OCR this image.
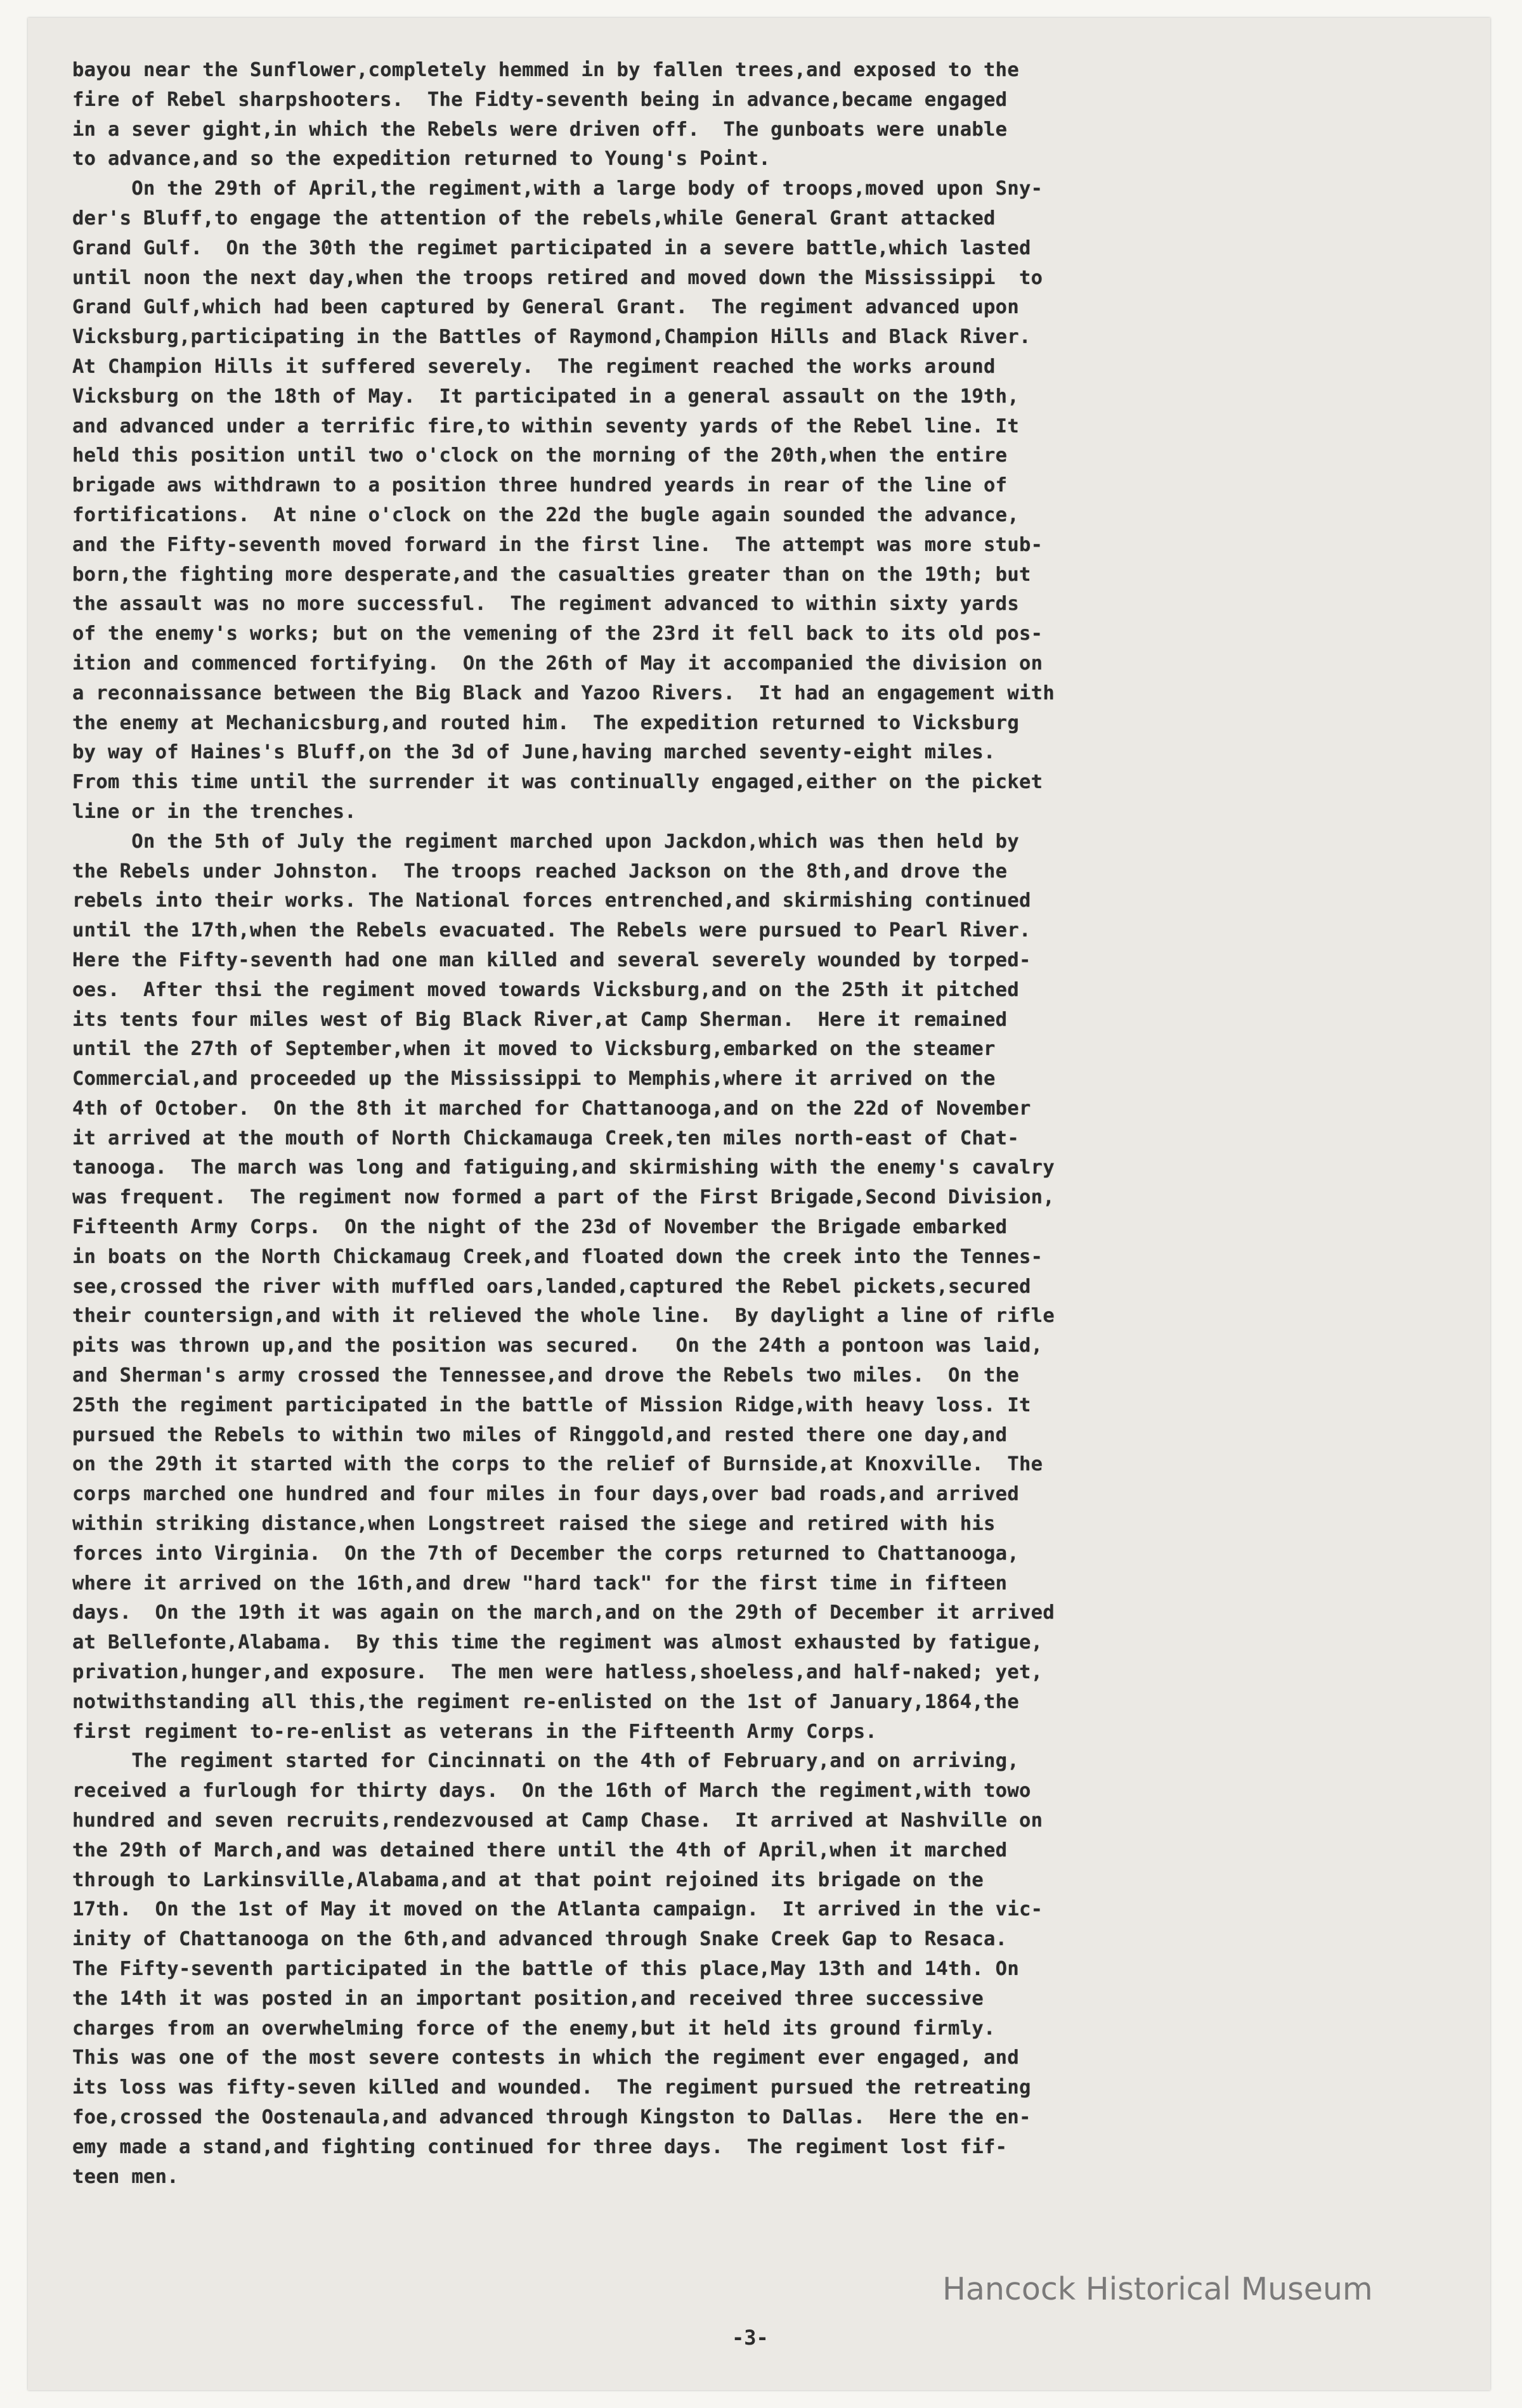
bayou near the Sunflower,completely hemmed in by fallen trees,and exposed to the
fire of Rebel sharpshooters.  The Fidty-seventh being in advance,became engaged
in a sever gight,in which the Rebels were driven off.  The gunboats were unable
to advance,and so the expedition returned to Young's Point.
On the 29th of April,the regiment,with a large body of troops,moved upon Sny-
der's Bluff,to engage the attention of the rebels,while General Grant attacked
Grand Gulf.  On the 30th the regimet participated in a severe battle,which lasted
until noon the next day,when the troops retired and moved down the Mississippi  to
Grand Gulf,which had been captured by General Grant.  The regiment advanced upon
Vicksburg,participating in the Battles of Raymond,Champion Hills and Black River.
At Champion Hills it suffered severely.  The regiment reached the works around
Vicksburg on the 18th of May.  It participated in a general assault on the 19th,
and advanced under a terrific fire,to within seventy yards of the Rebel line. It
held this position until two o'clock on the morning of the 20th,when the entire
brigade aws withdrawn to a position three hundred yeards in rear of the line of
fortifications.  At nine o'clock on the 22d the bugle again sounded the advance,
and the Fifty-seventh moved forward in the first line.  The attempt was more stub-
born,the fighting more desperate,and the casualties greater than on the 19th; but
the assault was no more successful.  The regiment advanced to within sixty yards
of the enemy's works; but on the vemening of the 23rd it fell back to its old pos-
ition and commenced fortifying.  On the 26th of May it accompanied the division on
a reconnaissance between the Big Black and Yazoo Rivers.  It had an engagement with
the enemy at Mechanicsburg,and routed him.  The expedition returned to Vicksburg
by way of Haines's Bluff,on the 3d of June,having marched seventy-eight miles.
From this time until the surrender it was continually engaged,either on the picket
line or in the trenches.
On the 5th of July the regiment marched upon Jackdon,which was then held by
the Rebels under Johnston.  The troops reached Jackson on the 8th,and drove the
rebels into their works. The National forces entrenched,and skirmishing continued
until the 17th,when the Rebels evacuated. The Rebels were pursued to Pearl River.
Here the Fifty-seventh had one man killed and several severely wounded by torped-
oes.  After thsi the regiment moved towards Vicksburg,and on the 25th it pitched
its tents four miles west of Big Black River,at Camp Sherman.  Here it remained
until the 27th of September,when it moved to Vicksburg,embarked on the steamer
Commercial,and proceeded up the Mississippi to Memphis,where it arrived on the
4th of October.  On the 8th it marched for Chattanooga,and on the 22d of November
it arrived at the mouth of North Chickamauga Creek,ten miles north-east of Chat-
tanooga.  The march was long and fatiguing,and skirmishing with the enemy's cavalry
was frequent.  The regiment now formed a part of the First Brigade,Second Division,
Fifteenth Army Corps.  On the night of the 23d of November the Brigade embarked
in boats on the North Chickamaug Creek,and floated down the creek into the Tennes-
see,crossed the river with muffled oars,landed,captured the Rebel pickets,secured
their countersign,and with it relieved the whole line.  By daylight a line of rifle
pits was thrown up,and the position was secured.   On the 24th a pontoon was laid,
and Sherman's army crossed the Tennessee,and drove the Rebels two miles.  On the
25th the regiment participated in the battle of Mission Ridge,with heavy loss. It
pursued the Rebels to within two miles of Ringgold,and rested there one day,and
on the 29th it started with the corps to the relief of Burnside,at Knoxville.  The
corps marched one hundred and four miles in four days,over bad roads,and arrived
within striking distance,when Longstreet raised the siege and retired with his
forces into Virginia.  On the 7th of December the corps returned to Chattanooga,
where it arrived on the 16th,and drew "hard tack" for the first time in fifteen
days.  On the 19th it was again on the march,and on the 29th of December it arrived
at Bellefonte,Alabama.  By this time the regiment was almost exhausted by fatigue,
privation,hunger,and exposure.  The men were hatless,shoeless,and half-naked; yet,
notwithstanding all this,the regiment re-enlisted on the 1st of January,1864,the
first regiment to-re-enlist as veterans in the Fifteenth Army Corps.
The regiment started for Cincinnati on the 4th of February,and on arriving,
received a furlough for thirty days.  On the 16th of March the regiment,with towo
hundred and seven recruits,rendezvoused at Camp Chase.  It arrived at Nashville on
the 29th of March,and was detained there until the 4th of April,when it marched
through to Larkinsville,Alabama,and at that point rejoined its brigade on the
17th.  On the 1st of May it moved on the Atlanta campaign.  It arrived in the vic-
inity of Chattanooga on the 6th,and advanced through Snake Creek Gap to Resaca.
The Fifty-seventh participated in the battle of this place,May 13th and 14th. On
the 14th it was posted in an important position,and received three successive
charges from an overwhelming force of the enemy,but it held its ground firmly.
This was one of the most severe contests in which the regiment ever engaged, and
its loss was fifty-seven killed and wounded.  The regiment pursued the retreating
foe,crossed the Oostenaula,and advanced through Kingston to Dallas.  Here the en-
emy made a stand,and fighting continued for three days.  The regiment lost fif-
teen men.
-3-
Hancock Historical Museum
